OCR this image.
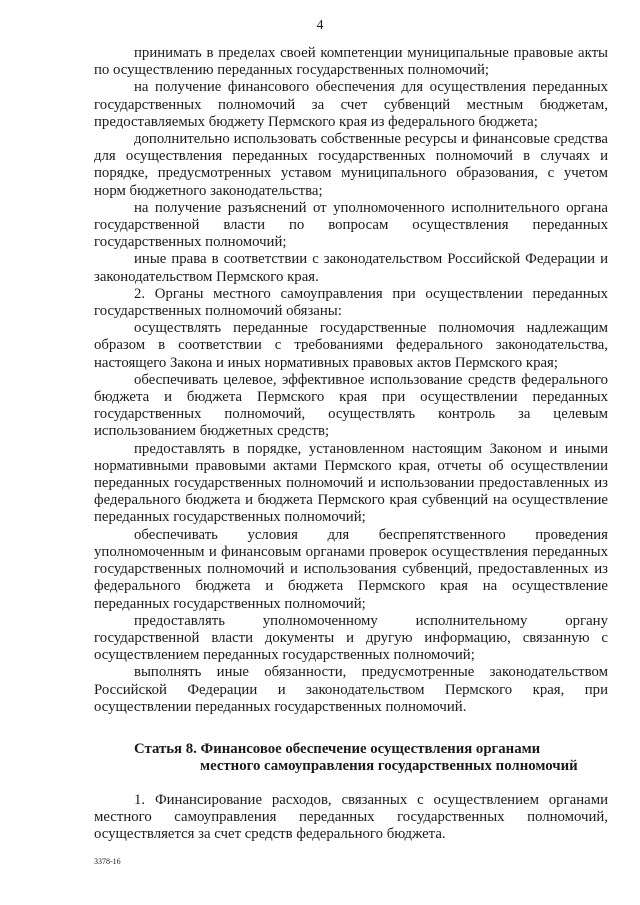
4

принимать в пределах своей компетенции муниципальные правовые акты по осуществлению переданных государственных полномочий;

на получение финансового обеспечения для осуществления переданных государственных полномочий за счет субвенций местным бюджетам, предоставляемых бюджету Пермского края из федерального бюджета;

дополнительно использовать собственные ресурсы и финансовые средства для осуществления переданных государственных полномочий в случаях и порядке, предусмотренных уставом муниципального образования, с учетом норм бюджетного законодательства;

на получение разъяснений от уполномоченного исполнительного органа государственной власти по вопросам осуществления переданных государственных полномочий;

иные права в соответствии с законодательством Российской Федерации и законодательством Пермского края.

2. Органы местного самоуправления при осуществлении переданных государственных полномочий обязаны:

осуществлять переданные государственные полномочия надлежащим образом в соответствии с требованиями федерального законодательства, настоящего Закона и иных нормативных правовых актов Пермского края;

обеспечивать целевое, эффективное использование средств федерального бюджета и бюджета Пермского края при осуществлении переданных государственных полномочий, осуществлять контроль за целевым использованием бюджетных средств;

предоставлять в порядке, установленном настоящим Законом и иными нормативными правовыми актами Пермского края, отчеты об осуществлении переданных государственных полномочий и использовании предоставленных из федерального бюджета и бюджета Пермского края субвенций на осуществление переданных государственных полномочий;

обеспечивать условия для беспрепятственного проведения уполномоченным и финансовым органами проверок осуществления переданных государственных полномочий и использования субвенций, предоставленных из федерального бюджета и бюджета Пермского края на осуществление переданных государственных полномочий;

предоставлять уполномоченному исполнительному органу государственной власти документы и другую информацию, связанную с осуществлением переданных государственных полномочий;

выполнять иные обязанности, предусмотренные законодательством Российской Федерации и законодательством Пермского края, при осуществлении переданных государственных полномочий.

Статья 8. Финансовое обеспечение осуществления органами
местного самоуправления государственных полномочий

1. Финансирование расходов, связанных с осуществлением органами местного самоуправления переданных государственных полномочий, осуществляется за счет средств федерального бюджета.

3378-16
